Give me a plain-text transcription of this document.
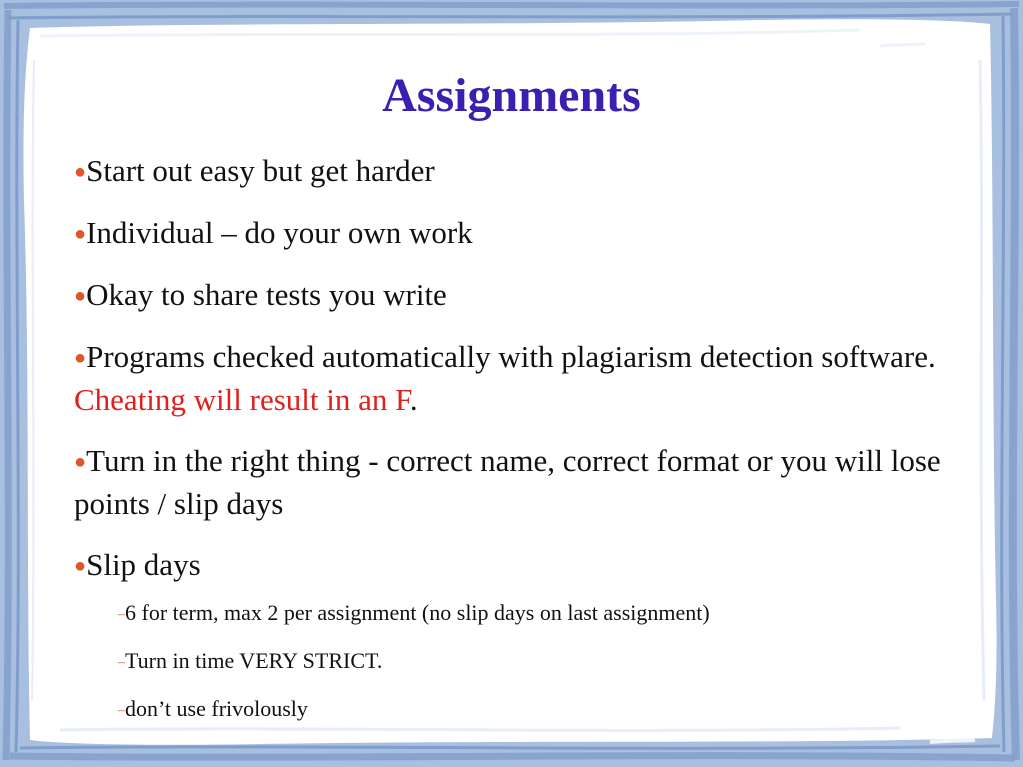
Assignments
●Start out easy but get harder
●Individual – do your own work
●Okay to share tests you write
●Programs checked automatically with plagiarism detection software. Cheating will result in an F.
●Turn in the right thing - correct name, correct format or you will lose points / slip days
●Slip days
–6 for term, max 2 per assignment (no slip days on last assignment)
–Turn in time VERY STRICT.
–don’t use frivolously
